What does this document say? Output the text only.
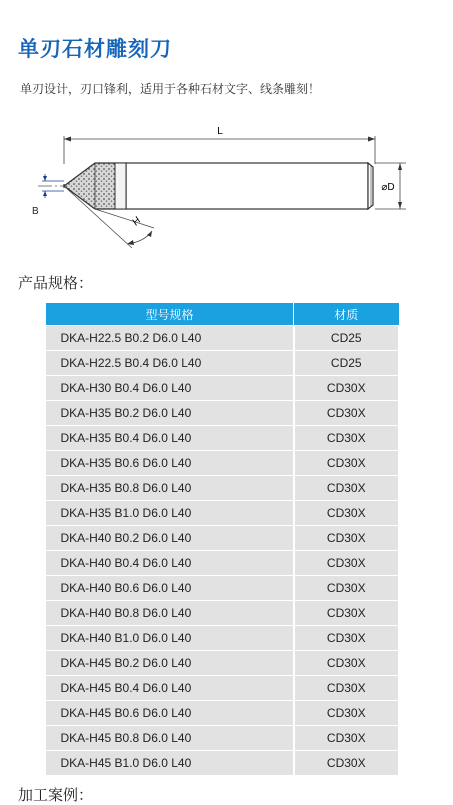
单刃石材雕刻刀

单刃设计，刃口锋利，适用于各种石材文字、线条雕刻！

L
B
H
⌀D
产品规格：
型号规格	材质
DKA-H22.5 B0.2 D6.0 L40	CD25
DKA-H22.5 B0.4 D6.0 L40	CD25
DKA-H30 B0.4 D6.0 L40	CD30X
DKA-H35 B0.2 D6.0 L40	CD30X
DKA-H35 B0.4 D6.0 L40	CD30X
DKA-H35 B0.6 D6.0 L40	CD30X
DKA-H35 B0.8 D6.0 L40	CD30X
DKA-H35 B1.0 D6.0 L40	CD30X
DKA-H40 B0.2 D6.0 L40	CD30X
DKA-H40 B0.4 D6.0 L40	CD30X
DKA-H40 B0.6 D6.0 L40	CD30X
DKA-H40 B0.8 D6.0 L40	CD30X
DKA-H40 B1.0 D6.0 L40	CD30X
DKA-H45 B0.2 D6.0 L40	CD30X
DKA-H45 B0.4 D6.0 L40	CD30X
DKA-H45 B0.6 D6.0 L40	CD30X
DKA-H45 B0.8 D6.0 L40	CD30X
DKA-H45 B1.0 D6.0 L40	CD30X
加工案例：
